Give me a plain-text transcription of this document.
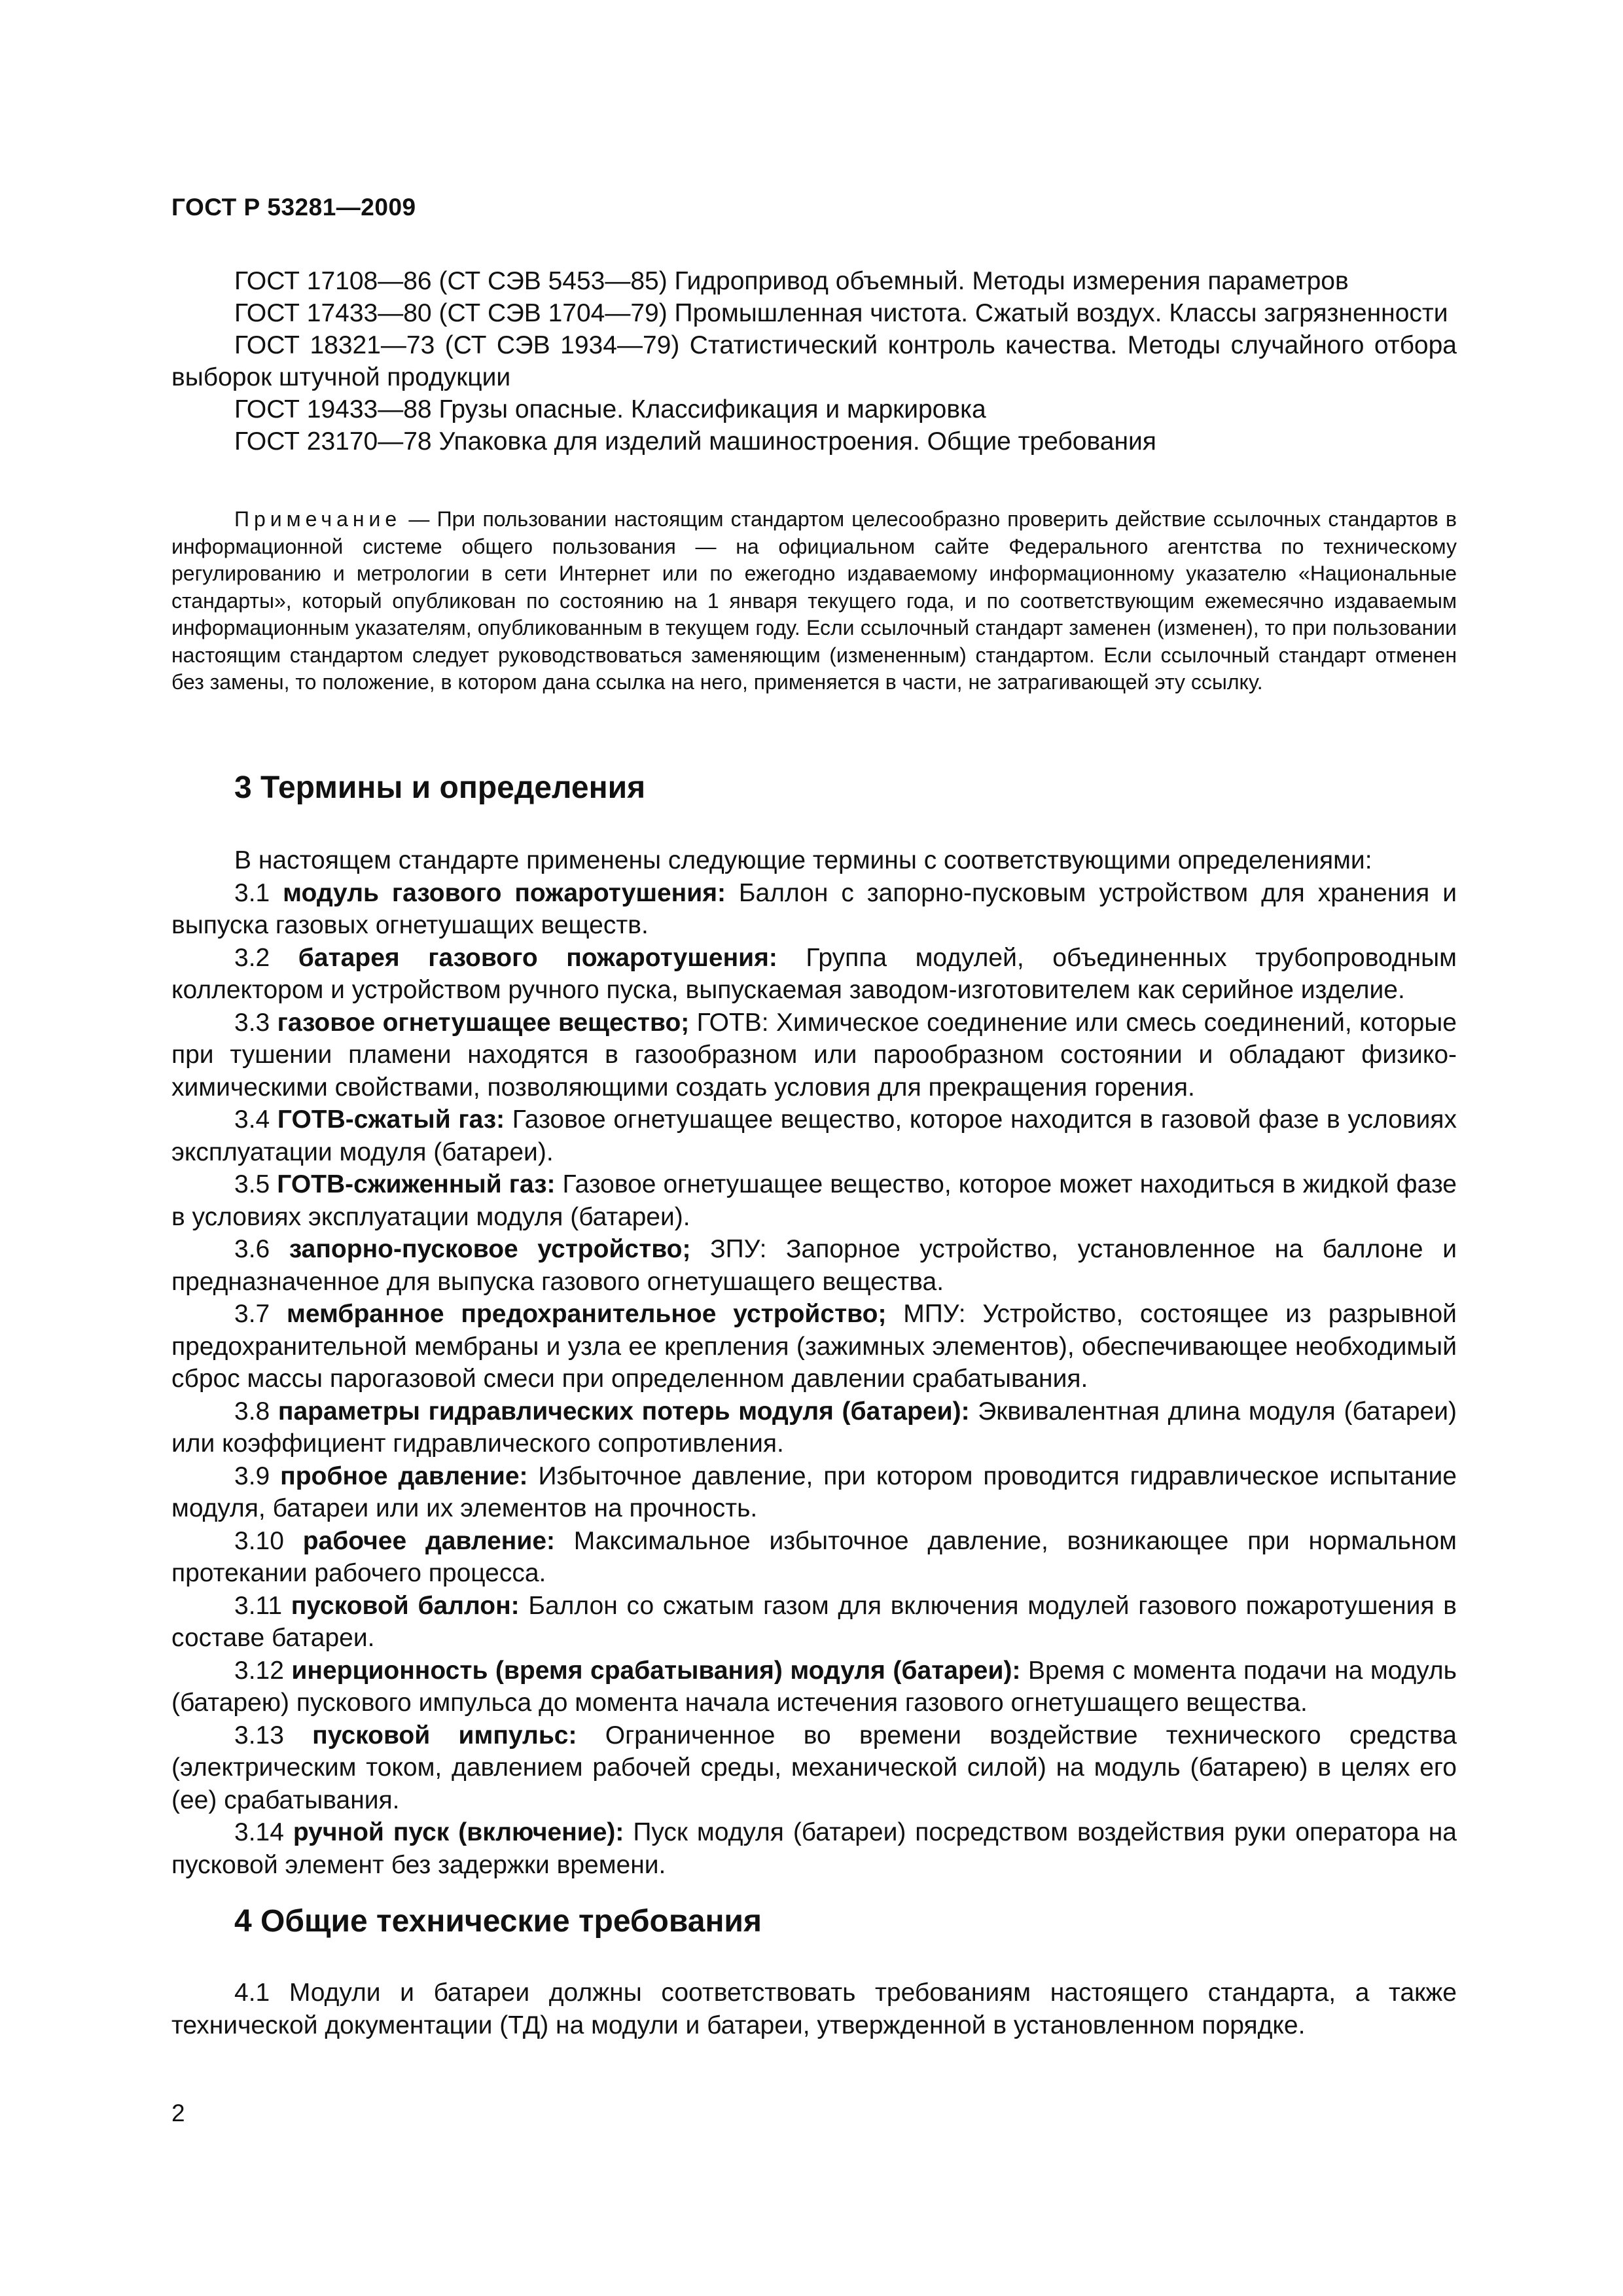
ГОСТ Р 53281—2009

ГОСТ 17108—86 (СТ СЭВ 5453—85) Гидропривод объемный. Методы измерения параметров

ГОСТ 17433—80 (СТ СЭВ 1704—79) Промышленная чистота. Сжатый воздух. Классы загрязненности

ГОСТ 18321—73 (СТ СЭВ 1934—79) Статистический контроль качества. Методы случайного отбора выборок штучной продукции

ГОСТ 19433—88 Грузы опасные. Классификация и маркировка

ГОСТ 23170—78 Упаковка для изделий машиностроения. Общие требования

Примечание — При пользовании настоящим стандартом целесообразно проверить действие ссылочных стандартов в информационной системе общего пользования — на официальном сайте Федерального агентства по техническому регулированию и метрологии в сети Интернет или по ежегодно издаваемому информационному указателю «Национальные стандарты», который опубликован по состоянию на 1 января текущего года, и по соответствующим ежемесячно издаваемым информационным указателям, опубликованным в текущем году. Если ссылочный стандарт заменен (изменен), то при пользовании настоящим стандартом следует руководствоваться заменяющим (измененным) стандартом. Если ссылочный стандарт отменен без замены, то положение, в котором дана ссылка на него, применяется в части, не затрагивающей эту ссылку.

3 Термины и определения

В настоящем стандарте применены следующие термины с соответствующими определениями:

3.1 модуль газового пожаротушения: Баллон с запорно-пусковым устройством для хранения и выпуска газовых огнетушащих веществ.

3.2 батарея газового пожаротушения: Группа модулей, объединенных трубопроводным коллектором и устройством ручного пуска, выпускаемая заводом-изготовителем как серийное изделие.

3.3 газовое огнетушащее вещество; ГОТВ: Химическое соединение или смесь соединений, которые при тушении пламени находятся в газообразном или парообразном состоянии и обладают физико-химическими свойствами, позволяющими создать условия для прекращения горения.

3.4 ГОТВ-сжатый газ: Газовое огнетушащее вещество, которое находится в газовой фазе в условиях эксплуатации модуля (батареи).

3.5 ГОТВ-сжиженный газ: Газовое огнетушащее вещество, которое может находиться в жидкой фазе в условиях эксплуатации модуля (батареи).

3.6 запорно-пусковое устройство; ЗПУ: Запорное устройство, установленное на баллоне и предназначенное для выпуска газового огнетушащего вещества.

3.7 мембранное предохранительное устройство; МПУ: Устройство, состоящее из разрывной предохранительной мембраны и узла ее крепления (зажимных элементов), обеспечивающее необходимый сброс массы парогазовой смеси при определенном давлении срабатывания.

3.8 параметры гидравлических потерь модуля (батареи): Эквивалентная длина модуля (батареи) или коэффициент гидравлического сопротивления.

3.9 пробное давление: Избыточное давление, при котором проводится гидравлическое испытание модуля, батареи или их элементов на прочность.

3.10 рабочее давление: Максимальное избыточное давление, возникающее при нормальном протекании рабочего процесса.

3.11 пусковой баллон: Баллон со сжатым газом для включения модулей газового пожаротушения в составе батареи.

3.12 инерционность (время срабатывания) модуля (батареи): Время с момента подачи на модуль (батарею) пускового импульса до момента начала истечения газового огнетушащего вещества.

3.13 пусковой импульс: Ограниченное во времени воздействие технического средства (электрическим током, давлением рабочей среды, механической силой) на модуль (батарею) в целях его (ее) срабатывания.

3.14 ручной пуск (включение): Пуск модуля (батареи) посредством воздействия руки оператора на пусковой элемент без задержки времени.

4 Общие технические требования

4.1 Модули и батареи должны соответствовать требованиям настоящего стандарта, а также технической документации (ТД) на модули и батареи, утвержденной в установленном порядке.

2
